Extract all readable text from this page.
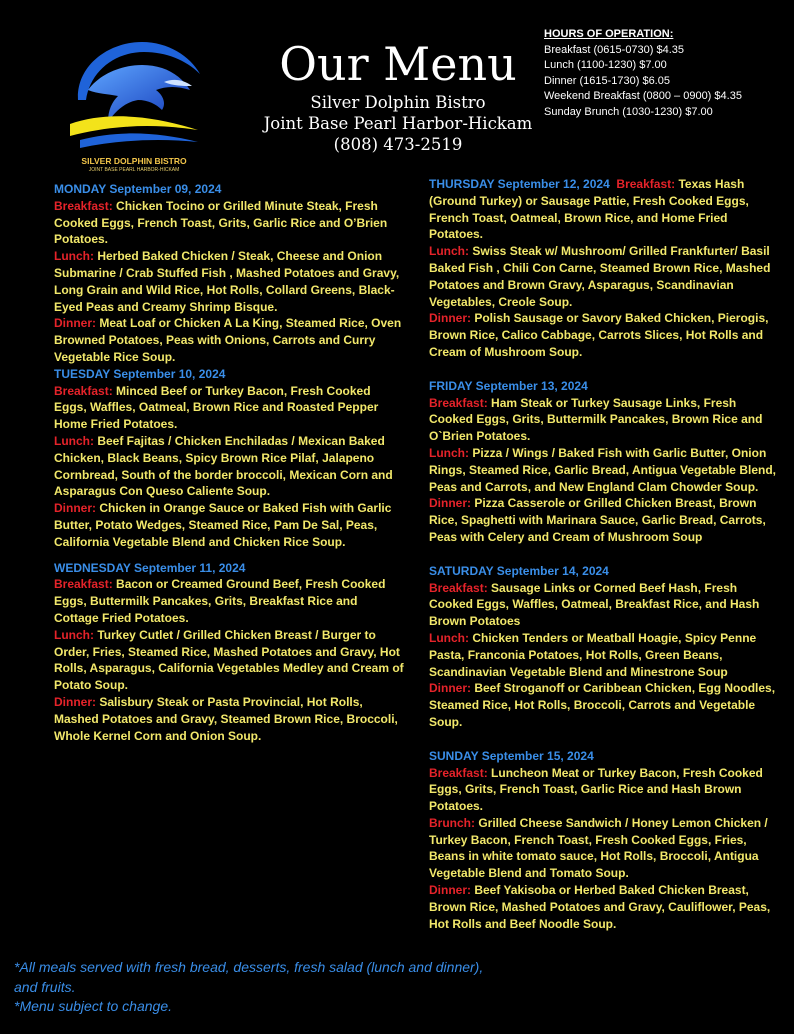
SILVER DOLPHIN BISTRO
JOINT BASE PEARL HARBOR-HICKAM
Our Menu
Silver Dolphin Bistro
Joint Base Pearl Harbor-Hickam
(808) 473-2519
HOURS OF OPERATION:
Breakfast (0615-0730) $4.35
Lunch (1100-1230) $7.00
Dinner (1615-1730) $6.05
Weekend Breakfast (0800 – 0900) $4.35
Sunday Brunch (1030-1230) $7.00

MONDAY September 09, 2024

Breakfast: Chicken Tocino or Grilled Minute Steak, Fresh Cooked Eggs, French Toast, Grits, Garlic Rice and O’Brien Potatoes.

Lunch: Herbed Baked Chicken / Steak, Cheese and Onion Submarine / Crab Stuffed Fish , Mashed Potatoes and Gravy, Long Grain and Wild Rice, Hot Rolls, Collard Greens, Black-Eyed Peas and Creamy Shrimp Bisque.

Dinner: Meat Loaf or Chicken A La King, Steamed Rice, Oven Browned Potatoes, Peas with Onions, Carrots and Curry Vegetable Rice Soup.

TUESDAY September 10, 2024

Breakfast: Minced Beef or Turkey Bacon, Fresh Cooked Eggs, Waffles, Oatmeal, Brown Rice and Roasted Pepper Home Fried Potatoes.

Lunch: Beef Fajitas / Chicken Enchiladas / Mexican Baked Chicken, Black Beans, Spicy Brown Rice Pilaf, Jalapeno Cornbread, South of the border broccoli, Mexican Corn and Asparagus Con Queso Caliente Soup.

Dinner: Chicken in Orange Sauce or Baked Fish with Garlic Butter, Potato Wedges, Steamed Rice, Pam De Sal, Peas, California Vegetable Blend and Chicken Rice Soup.

WEDNESDAY September 11, 2024

Breakfast: Bacon or Creamed Ground Beef, Fresh Cooked Eggs, Buttermilk Pancakes, Grits, Breakfast Rice and Cottage Fried Potatoes.

Lunch: Turkey Cutlet / Grilled Chicken Breast / Burger to Order, Fries, Steamed Rice, Mashed Potatoes and Gravy, Hot Rolls, Asparagus, California Vegetables Medley and Cream of Potato Soup.

Dinner: Salisbury Steak or Pasta Provincial, Hot Rolls, Mashed Potatoes and Gravy, Steamed Brown Rice, Broccoli, Whole Kernel Corn and Onion Soup.

THURSDAY September 12, 2024 Breakfast: Texas Hash (Ground Turkey) or Sausage Pattie, Fresh Cooked Eggs, French Toast, Oatmeal, Brown Rice, and Home Fried Potatoes.

Lunch: Swiss Steak w/ Mushroom/ Grilled Frankfurter/ Basil Baked Fish , Chili Con Carne, Steamed Brown Rice, Mashed Potatoes and Brown Gravy, Asparagus, Scandinavian Vegetables, Creole Soup.

Dinner: Polish Sausage or Savory Baked Chicken, Pierogis, Brown Rice, Calico Cabbage, Carrots Slices, Hot Rolls and Cream of Mushroom Soup.

FRIDAY September 13, 2024

Breakfast: Ham Steak or Turkey Sausage Links, Fresh Cooked Eggs, Grits, Buttermilk Pancakes, Brown Rice and O`Brien Potatoes.

Lunch: Pizza / Wings / Baked Fish with Garlic Butter, Onion Rings, Steamed Rice, Garlic Bread, Antigua Vegetable Blend, Peas and Carrots, and New England Clam Chowder Soup.

Dinner: Pizza Casserole or Grilled Chicken Breast, Brown Rice, Spaghetti with Marinara Sauce, Garlic Bread, Carrots, Peas with Celery and Cream of Mushroom Soup

SATURDAY September 14, 2024

Breakfast: Sausage Links or Corned Beef Hash, Fresh Cooked Eggs, Waffles, Oatmeal, Breakfast Rice, and Hash Brown Potatoes

Lunch: Chicken Tenders or Meatball Hoagie, Spicy Penne Pasta, Franconia Potatoes, Hot Rolls, Green Beans, Scandinavian Vegetable Blend and Minestrone Soup

Dinner: Beef Stroganoff or Caribbean Chicken, Egg Noodles, Steamed Rice, Hot Rolls, Broccoli, Carrots and Vegetable Soup.

SUNDAY September 15, 2024

Breakfast: Luncheon Meat or Turkey Bacon, Fresh Cooked Eggs, Grits, French Toast, Garlic Rice and Hash Brown Potatoes.

Brunch: Grilled Cheese Sandwich / Honey Lemon Chicken / Turkey Bacon, French Toast, Fresh Cooked Eggs, Fries, Beans in white tomato sauce, Hot Rolls, Broccoli, Antigua Vegetable Blend and Tomato Soup.

Dinner: Beef Yakisoba or Herbed Baked Chicken Breast, Brown Rice, Mashed Potatoes and Gravy, Cauliflower, Peas, Hot Rolls and Beef Noodle Soup.

*All meals served with fresh bread, desserts, fresh salad (lunch and dinner), and fruits.
*Menu subject to change.
